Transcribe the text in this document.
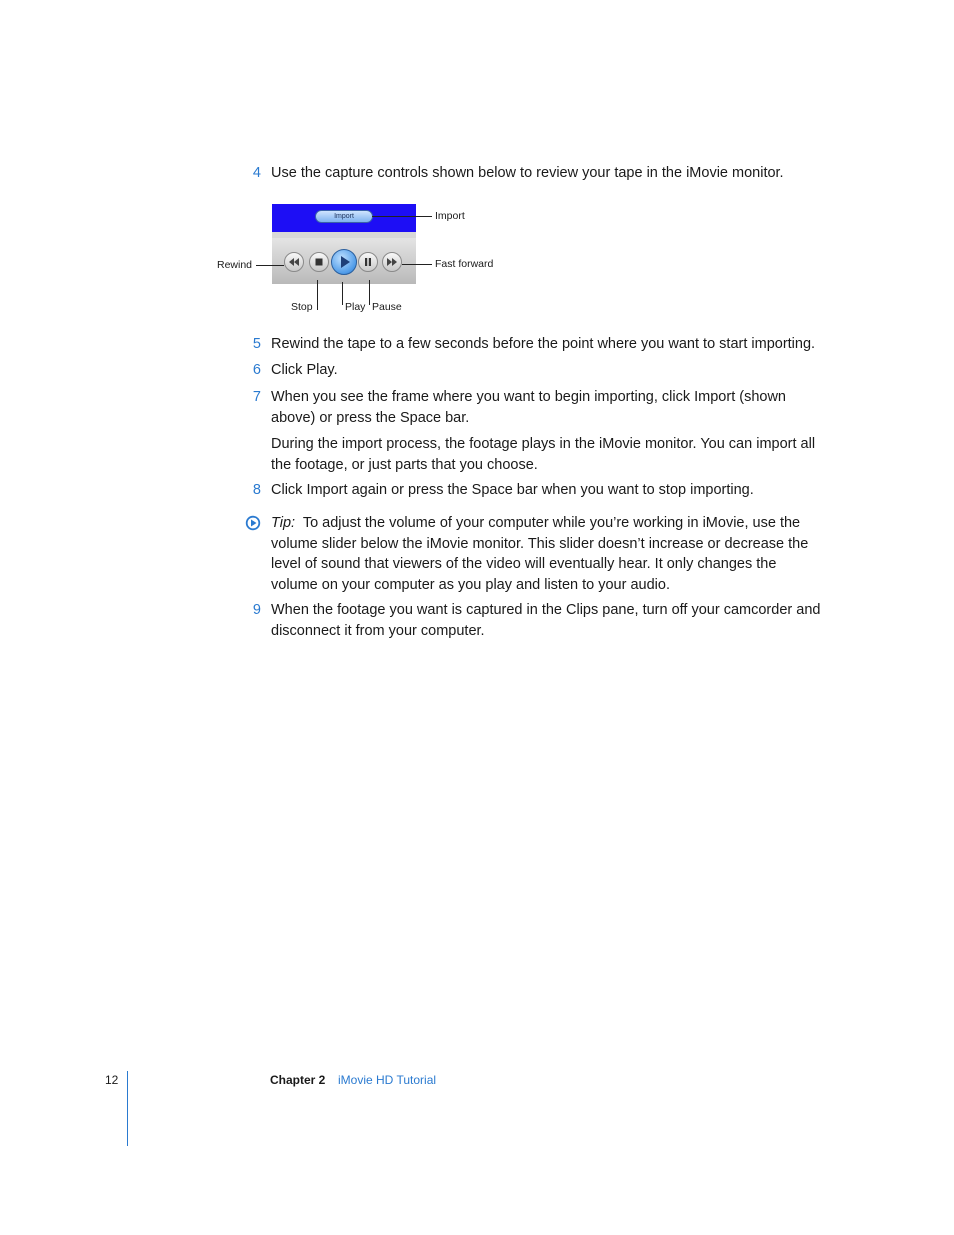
4 Use the capture controls shown below to review your tape in the iMovie monitor.
Import	Import
Fast forward
Rewind
Stop	Play Pause
5 Rewind the tape to a few seconds before the point where you want to start importing.
6 Click Play.
7 When you see the frame where you want to begin importing, click Import (shown above) or press the Space bar.
During the import process, the footage plays in the iMovie monitor. You can import all the footage, or just parts that you choose.
8 Click Import again or press the Space bar when you want to stop importing.
Tip: To adjust the volume of your computer while you’re working in iMovie, use the volume slider below the iMovie monitor. This slider doesn’t increase or decrease the level of sound that viewers of the video will eventually hear. It only changes the volume on your computer as you play and listen to your audio.
9 When the footage you want is captured in the Clips pane, turn off your camcorder and disconnect it from your computer.
12	Chapter 2 iMovie HD Tutorial
